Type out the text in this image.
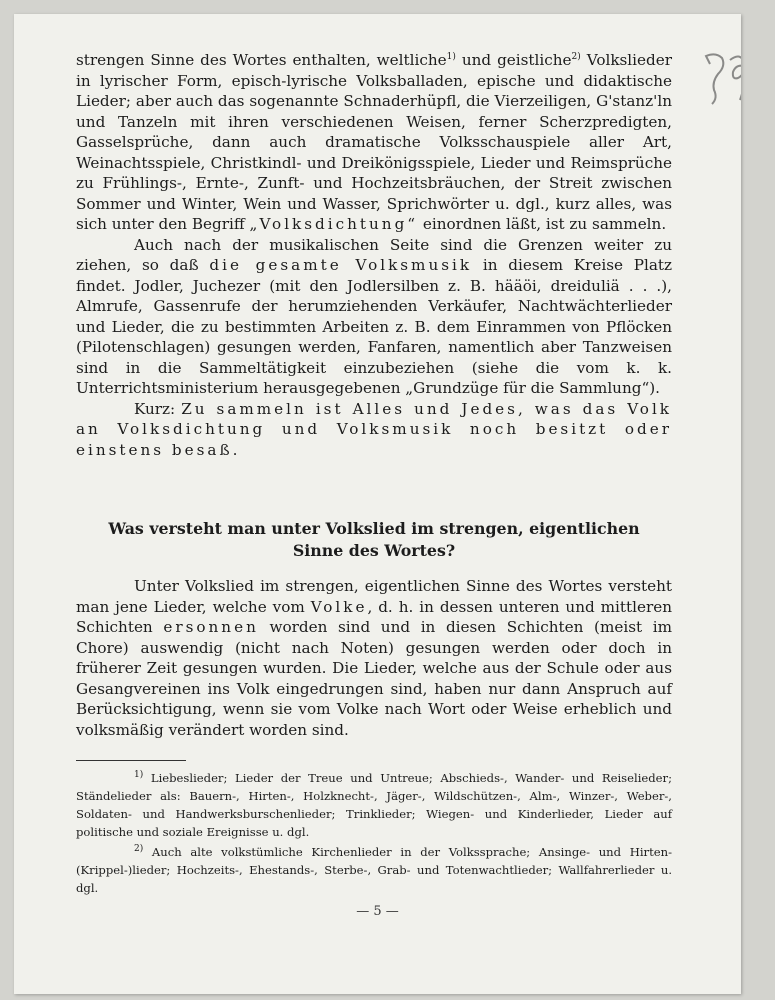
strengen Sinne des Wortes enthalten, weltliche$^{1)}$ und geistliche$^{2)}$ Volkslieder in lyrischer Form, episch-lyrische Volksballaden, epische und didaktische Lieder; aber auch das sogenannte Schnaderhüpfl, die Vierzeiligen, G'stanz'ln und Tanzeln mit ihren verschiedenen Weisen, ferner Scherzpredigten, Gasselsprüche, dann auch dramatische Volksschauspiele aller Art, Weinachtsspiele, Christkindl- und Dreikönigsspiele, Lieder und Reimsprüche zu Frühlings-, Ernte-, Zunft- und Hochzeitsbräuchen, der Streit zwischen Sommer und Winter, Wein und Wasser, Sprichwörter u. dgl., kurz alles, was sich unter den Begriff „Volksdichtung“ einordnen läßt, ist zu sammeln.

Auch nach der musikalischen Seite sind die Grenzen weiter zu ziehen, so daß die gesamte Volksmusik in diesem Kreise Platz findet. Jodler, Juchezer (mit den Jodlersilben z. B. hääöi, dreiduliä . . .), Almrufe, Gassenrufe der herumziehenden Verkäufer, Nachtwächterlieder und Lieder, die zu bestimmten Arbeiten z. B. dem Einrammen von Pflöcken (Pilotenschlagen) gesungen werden, Fanfaren, namentlich aber Tanzweisen sind in die Sammeltätigkeit einzubeziehen (siehe die vom k. k. Unterrichtsministerium herausgegebenen „Grundzüge für die Sammlung“).

Kurz: Zu sammeln ist Alles und Jedes, was das Volk an Volksdichtung und Volksmusik noch besitzt oder einstens besaß.

Was versteht man unter Volkslied im strengen, eigentlichen
Sinne des Wortes?

Unter Volkslied im strengen, eigentlichen Sinne des Wortes versteht man jene Lieder, welche vom Volke, d. h. in dessen unteren und mittleren Schichten ersonnen worden sind und in diesen Schichten (meist im Chore) auswendig (nicht nach Noten) gesungen werden oder doch in früherer Zeit gesungen wurden. Die Lieder, welche aus der Schule oder aus Gesangvereinen ins Volk eingedrungen sind, haben nur dann Anspruch auf Berücksichtigung, wenn sie vom Volke nach Wort oder Weise erheblich und volksmäßig verändert worden sind.

$^{1)}$ Liebeslieder; Lieder der Treue und Untreue; Abschieds-, Wander- und Reiselieder; Ständelieder als: Bauern-, Hirten-, Holzknecht-, Jäger-, Wildschützen-, Alm-, Winzer-, Weber-, Soldaten- und Handwerksburschenlieder; Trinklieder; Wiegen- und Kinderlieder, Lieder auf politische und soziale Ereignisse u. dgl.

$^{2)}$ Auch alte volkstümliche Kirchenlieder in der Volkssprache; Ansinge- und Hirten-(Krippel-)lieder; Hochzeits-, Ehestands-, Sterbe-, Grab- und Totenwachtlieder; Wallfahrerlieder u. dgl.

— 5 —
